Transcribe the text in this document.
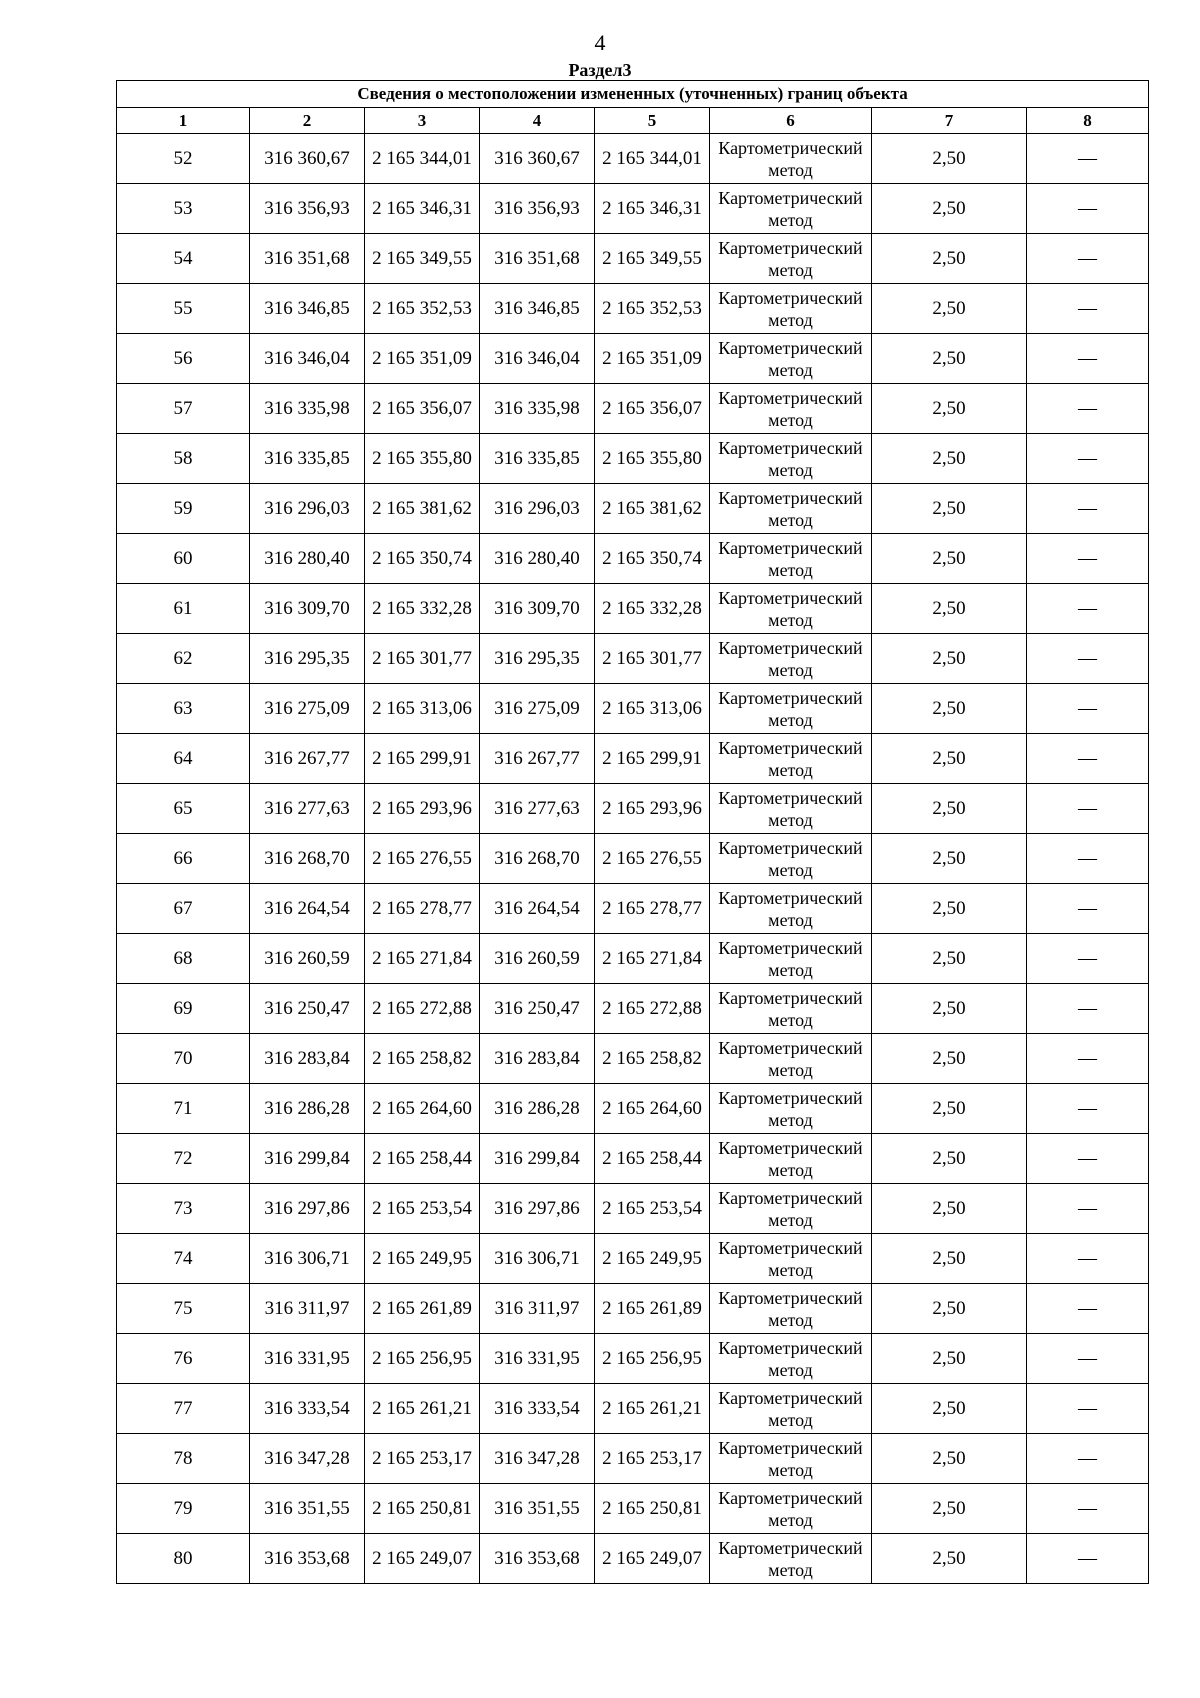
4
Раздел3
Сведения о местоположении измененных (уточненных) границ объекта							
1	2	3	4	5	6	7	8
52	316 360,67	2 165 344,01	316 360,67	2 165 344,01	Картометрический метод	2,50	—
53	316 356,93	2 165 346,31	316 356,93	2 165 346,31	Картометрический метод	2,50	—
54	316 351,68	2 165 349,55	316 351,68	2 165 349,55	Картометрический метод	2,50	—
55	316 346,85	2 165 352,53	316 346,85	2 165 352,53	Картометрический метод	2,50	—
56	316 346,04	2 165 351,09	316 346,04	2 165 351,09	Картометрический метод	2,50	—
57	316 335,98	2 165 356,07	316 335,98	2 165 356,07	Картометрический метод	2,50	—
58	316 335,85	2 165 355,80	316 335,85	2 165 355,80	Картометрический метод	2,50	—
59	316 296,03	2 165 381,62	316 296,03	2 165 381,62	Картометрический метод	2,50	—
60	316 280,40	2 165 350,74	316 280,40	2 165 350,74	Картометрический метод	2,50	—
61	316 309,70	2 165 332,28	316 309,70	2 165 332,28	Картометрический метод	2,50	—
62	316 295,35	2 165 301,77	316 295,35	2 165 301,77	Картометрический метод	2,50	—
63	316 275,09	2 165 313,06	316 275,09	2 165 313,06	Картометрический метод	2,50	—
64	316 267,77	2 165 299,91	316 267,77	2 165 299,91	Картометрический метод	2,50	—
65	316 277,63	2 165 293,96	316 277,63	2 165 293,96	Картометрический метод	2,50	—
66	316 268,70	2 165 276,55	316 268,70	2 165 276,55	Картометрический метод	2,50	—
67	316 264,54	2 165 278,77	316 264,54	2 165 278,77	Картометрический метод	2,50	—
68	316 260,59	2 165 271,84	316 260,59	2 165 271,84	Картометрический метод	2,50	—
69	316 250,47	2 165 272,88	316 250,47	2 165 272,88	Картометрический метод	2,50	—
70	316 283,84	2 165 258,82	316 283,84	2 165 258,82	Картометрический метод	2,50	—
71	316 286,28	2 165 264,60	316 286,28	2 165 264,60	Картометрический метод	2,50	—
72	316 299,84	2 165 258,44	316 299,84	2 165 258,44	Картометрический метод	2,50	—
73	316 297,86	2 165 253,54	316 297,86	2 165 253,54	Картометрический метод	2,50	—
74	316 306,71	2 165 249,95	316 306,71	2 165 249,95	Картометрический метод	2,50	—
75	316 311,97	2 165 261,89	316 311,97	2 165 261,89	Картометрический метод	2,50	—
76	316 331,95	2 165 256,95	316 331,95	2 165 256,95	Картометрический метод	2,50	—
77	316 333,54	2 165 261,21	316 333,54	2 165 261,21	Картометрический метод	2,50	—
78	316 347,28	2 165 253,17	316 347,28	2 165 253,17	Картометрический метод	2,50	—
79	316 351,55	2 165 250,81	316 351,55	2 165 250,81	Картометрический метод	2,50	—
80	316 353,68	2 165 249,07	316 353,68	2 165 249,07	Картометрический метод	2,50	—
